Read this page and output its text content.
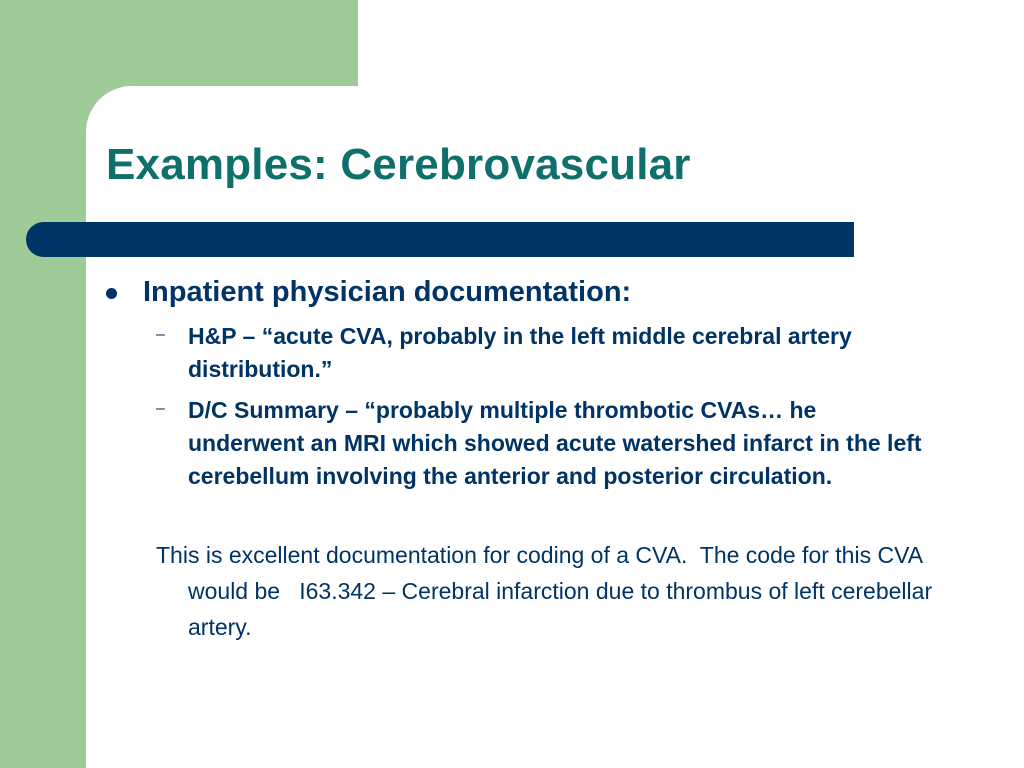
Examples: Cerebrovascular
Inpatient physician documentation:
–	H&P – “acute CVA, probably in the left middle cerebral artery distribution.”
–	D/C Summary – “probably multiple thrombotic CVAs… he underwent an MRI which showed acute watershed infarct in the left cerebellum involving the anterior and posterior circulation.
This is excellent documentation for coding of a CVA.  The code for this CVA would be   I63.342 – Cerebral infarction due to thrombus of left cerebellar artery.
